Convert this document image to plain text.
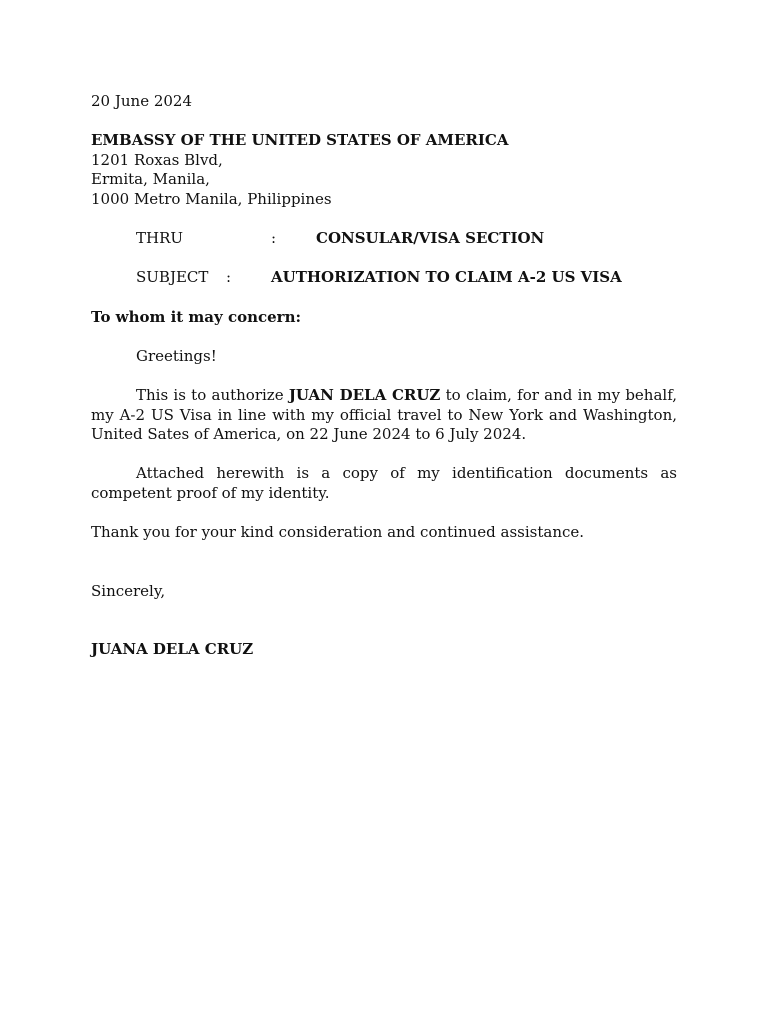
20 June 2024
EMBASSY OF THE UNITED STATES OF AMERICA
1201 Roxas Blvd,
Ermita, Manila,
1000 Metro Manila, Philippines
THRU	:	CONSULAR/VISA SECTION
SUBJECT :	AUTHORIZATION TO CLAIM A-2 US VISA
To whom it may concern:
Greetings!

This is to authorize JUAN DELA CRUZ to claim, for and in my behalf, my A-2 US Visa in line with my official travel to New York and Washington, United Sates of America, on 22 June 2024 to 6 July 2024.

Attached herewith is a copy of my identification documents as competent proof of my identity.

Thank you for your kind consideration and continued assistance.

Sincerely,
JUANA DELA CRUZ
